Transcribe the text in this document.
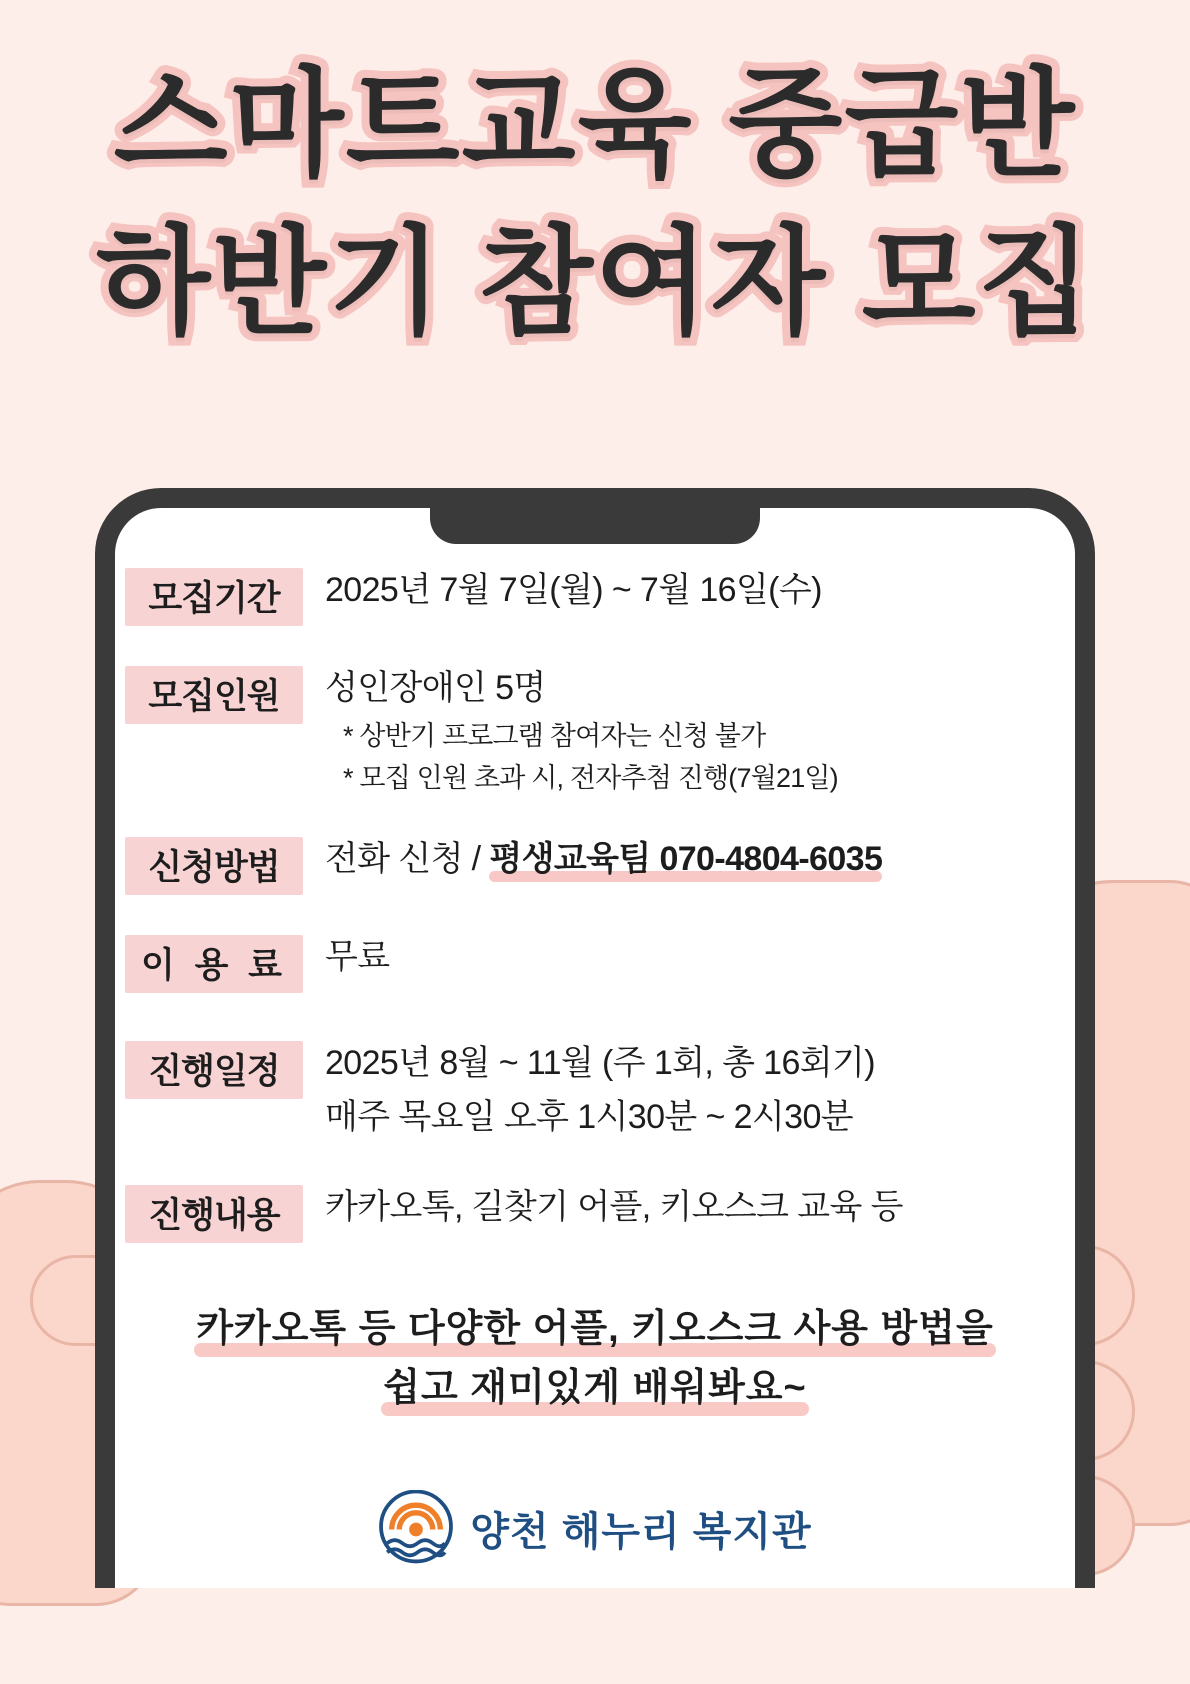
스마트교육 중급반
하반기 참여자 모집
모집기간	2025년 7월 7일(월) ~ 7월 16일(수)
모집인원	성인장애인 5명
* 상반기 프로그램 참여자는 신청 불가
* 모집 인원 초과 시, 전자추첨 진행(7월21일)
신청방법	전화 신청 / 평생교육팀 070-4804-6035
이 용 료	무료
진행일정	2025년 8월 ~ 11월 (주 1회, 총 16회기)
매주 목요일 오후 1시30분 ~ 2시30분
진행내용	카카오톡, 길찾기 어플, 키오스크 교육 등
카카오톡 등 다양한 어플, 키오스크 사용 방법을
쉽고 재미있게 배워봐요~
양천 해누리 복지관
